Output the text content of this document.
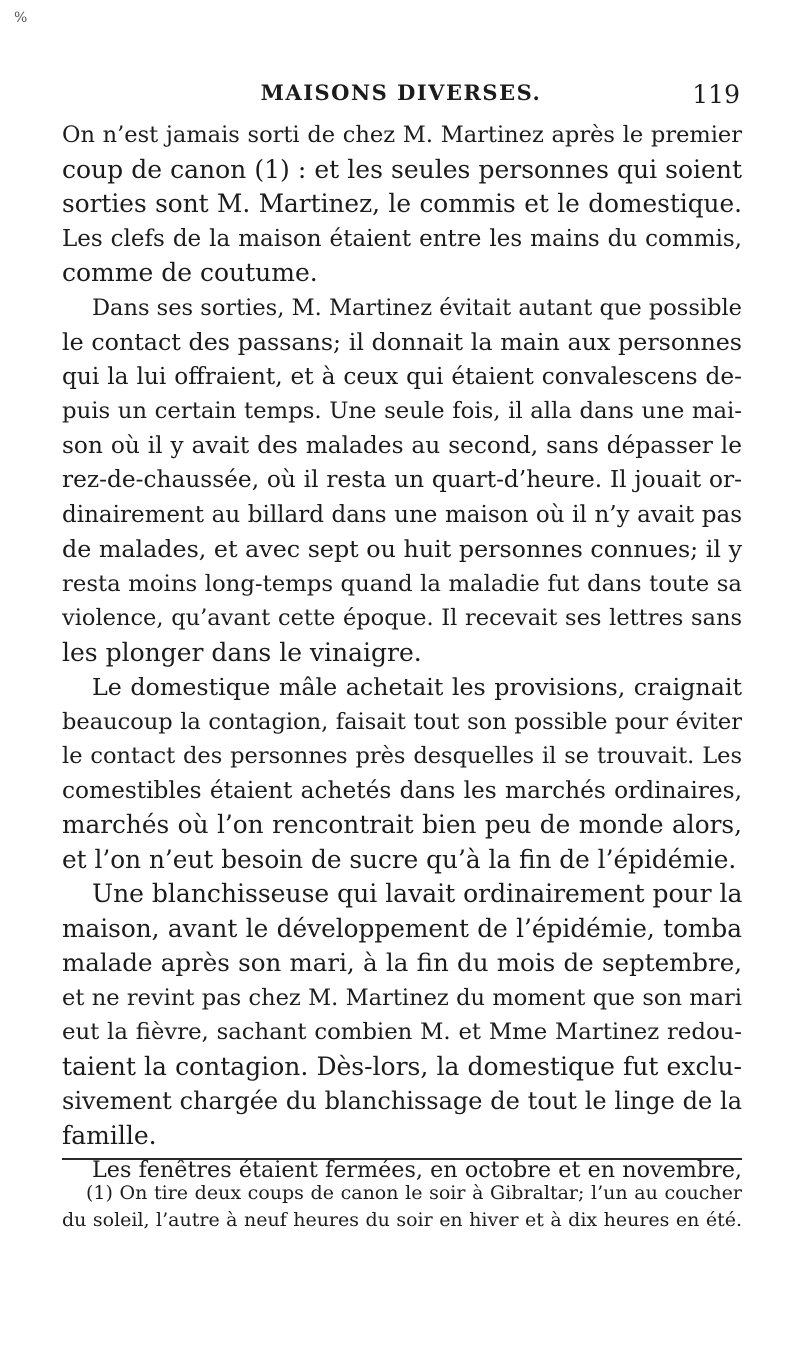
%
MAISONS DIVERSES.	119
On n’est jamais sorti de chez M. Martinez après le premier
coup de canon (1) : et les seules personnes qui soient
sorties sont M. Martinez, le commis et le domestique.
Les clefs de la maison étaient entre les mains du commis,
comme de coutume.
Dans ses sorties, M. Martinez évitait autant que possible
le contact des passans; il donnait la main aux personnes
qui la lui offraient, et à ceux qui étaient convalescens de-
puis un certain temps. Une seule fois, il alla dans une mai-
son où il y avait des malades au second, sans dépasser le
rez-de-chaussée, où il resta un quart-d’heure. Il jouait or-
dinairement au billard dans une maison où il n’y avait pas
de malades, et avec sept ou huit personnes connues; il y
resta moins long-temps quand la maladie fut dans toute sa
violence, qu’avant cette époque. Il recevait ses lettres sans
les plonger dans le vinaigre.
Le domestique mâle achetait les provisions, craignait
beaucoup la contagion, faisait tout son possible pour éviter
le contact des personnes près desquelles il se trouvait. Les
comestibles étaient achetés dans les marchés ordinaires,
marchés où l’on rencontrait bien peu de monde alors,
et l’on n’eut besoin de sucre qu’à la fin de l’épidémie.
Une blanchisseuse qui lavait ordinairement pour la
maison, avant le développement de l’épidémie, tomba
malade après son mari, à la fin du mois de septembre,
et ne revint pas chez M. Martinez du moment que son mari
eut la fièvre, sachant combien M. et Mme Martinez redou-
taient la contagion. Dès-lors, la domestique fut exclu-
sivement chargée du blanchissage de tout le linge de la
famille.
Les fenêtres étaient fermées, en octobre et en novembre,
(1) On tire deux coups de canon le soir à Gibraltar; l’un au coucher
du soleil, l’autre à neuf heures du soir en hiver et à dix heures en été.
